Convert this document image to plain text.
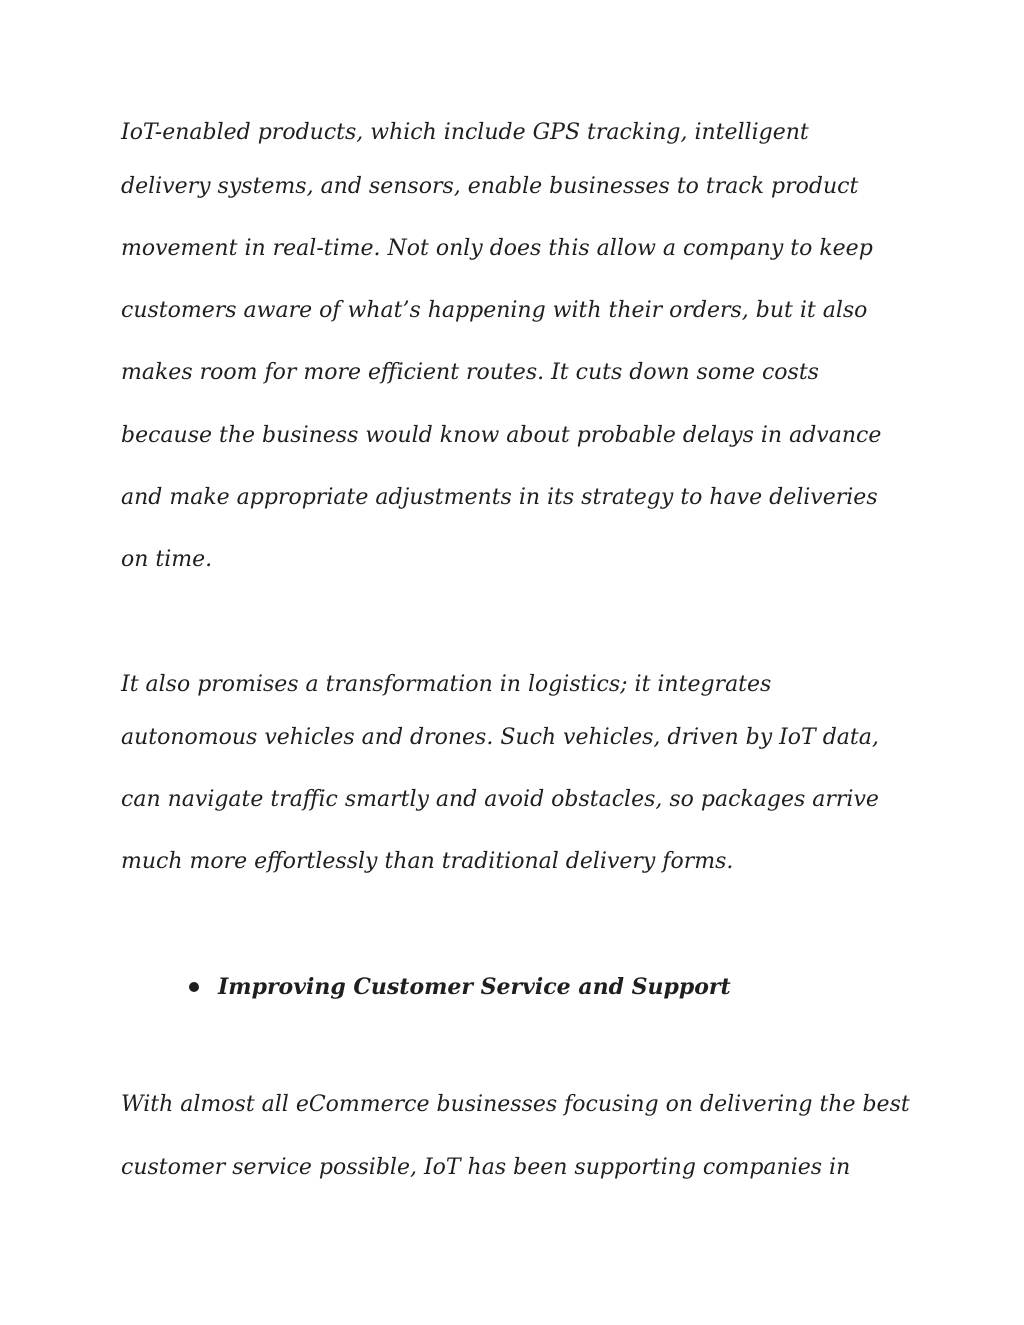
IoT-enabled products, which include GPS tracking, intelligent

delivery systems, and sensors, enable businesses to track product

movement in real-time. Not only does this allow a company to keep

customers aware of what’s happening with their orders, but it also

makes room for more efficient routes. It cuts down some costs

because the business would know about probable delays in advance

and make appropriate adjustments in its strategy to have deliveries

on time.

It also promises a transformation in logistics; it integrates

autonomous vehicles and drones. Such vehicles, driven by IoT data,

can navigate traffic smartly and avoid obstacles, so packages arrive

much more effortlessly than traditional delivery forms.

Improving Customer Service and Support

With almost all eCommerce businesses focusing on delivering the best

customer service possible, IoT has been supporting companies in
